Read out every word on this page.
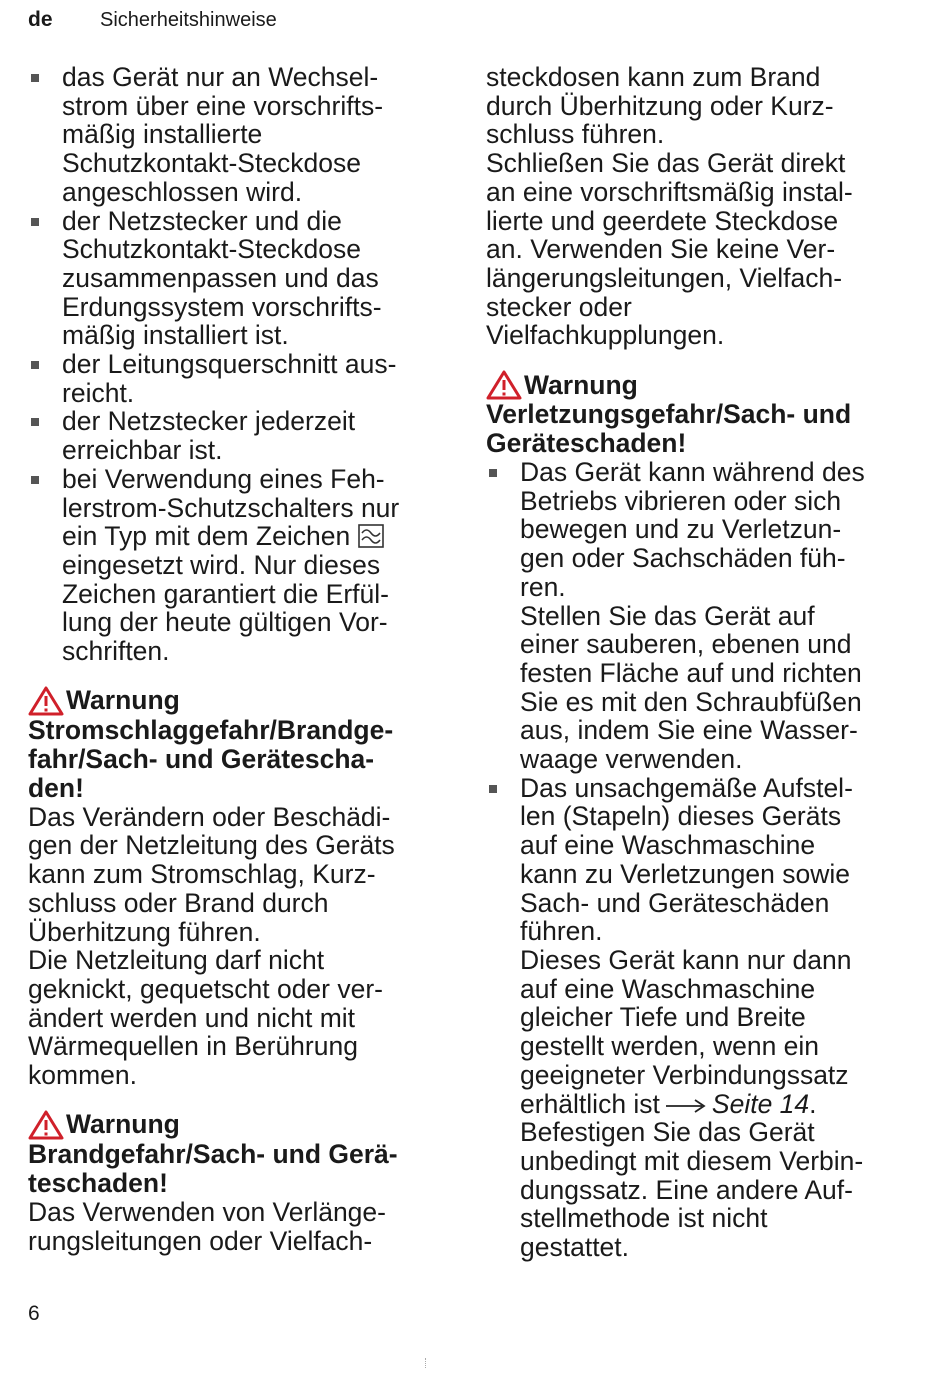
de Sicherheitshinweise
das Gerät nur an Wechsel-
strom über eine vorschrifts-
mäßig installierte
Schutzkontakt-Steckdose
angeschlossen wird.
der Netzstecker und die
Schutzkontakt-Steckdose
zusammenpassen und das
Erdungssystem vorschrifts-
mäßig installiert ist.
der Leitungsquerschnitt aus-
reicht.
der Netzstecker jederzeit
erreichbar ist.
bei Verwendung eines Feh-
lerstrom-Schutzschalters nur
ein Typ mit dem Zeichen
eingesetzt wird. Nur dieses
Zeichen garantiert die Erfül-
lung der heute gültigen Vor-
schriften.
Warnung
Stromschlaggefahr/Brandge-
fahr/Sach- und Gerätescha-
den!
Das Verändern oder Beschädi-
gen der Netzleitung des Geräts
kann zum Stromschlag, Kurz-
schluss oder Brand durch
Überhitzung führen.
Die Netzleitung darf nicht
geknickt, gequetscht oder ver-
ändert werden und nicht mit
Wärmequellen in Berührung
kommen.
Warnung
Brandgefahr/Sach- und Gerä-
teschaden!
Das Verwenden von Verlänge-
rungsleitungen oder Vielfach-
steckdosen kann zum Brand
durch Überhitzung oder Kurz-
schluss führen.
Schließen Sie das Gerät direkt
an eine vorschriftsmäßig instal-
lierte und geerdete Steckdose
an. Verwenden Sie keine Ver-
längerungsleitungen, Vielfach-
stecker oder
Vielfachkupplungen.
Warnung
Verletzungsgefahr/Sach- und
Geräteschaden!
Das Gerät kann während des
Betriebs vibrieren oder sich
bewegen und zu Verletzun-
gen oder Sachschäden füh-
ren.
Stellen Sie das Gerät auf
einer sauberen, ebenen und
festen Fläche auf und richten
Sie es mit den Schraubfüßen
aus, indem Sie eine Wasser-
waage verwenden.
Das unsachgemäße Aufstel-
len (Stapeln) dieses Geräts
auf eine Waschmaschine
kann zu Verletzungen sowie
Sach- und Geräteschäden
führen.
Dieses Gerät kann nur dann
auf eine Waschmaschine
gleicher Tiefe und Breite
gestellt werden, wenn ein
geeigneter Verbindungssatz
erhältlich ist Seite 14.
Befestigen Sie das Gerät
unbedingt mit diesem Verbin-
dungssatz. Eine andere Auf-
stellmethode ist nicht
gestattet.
6
